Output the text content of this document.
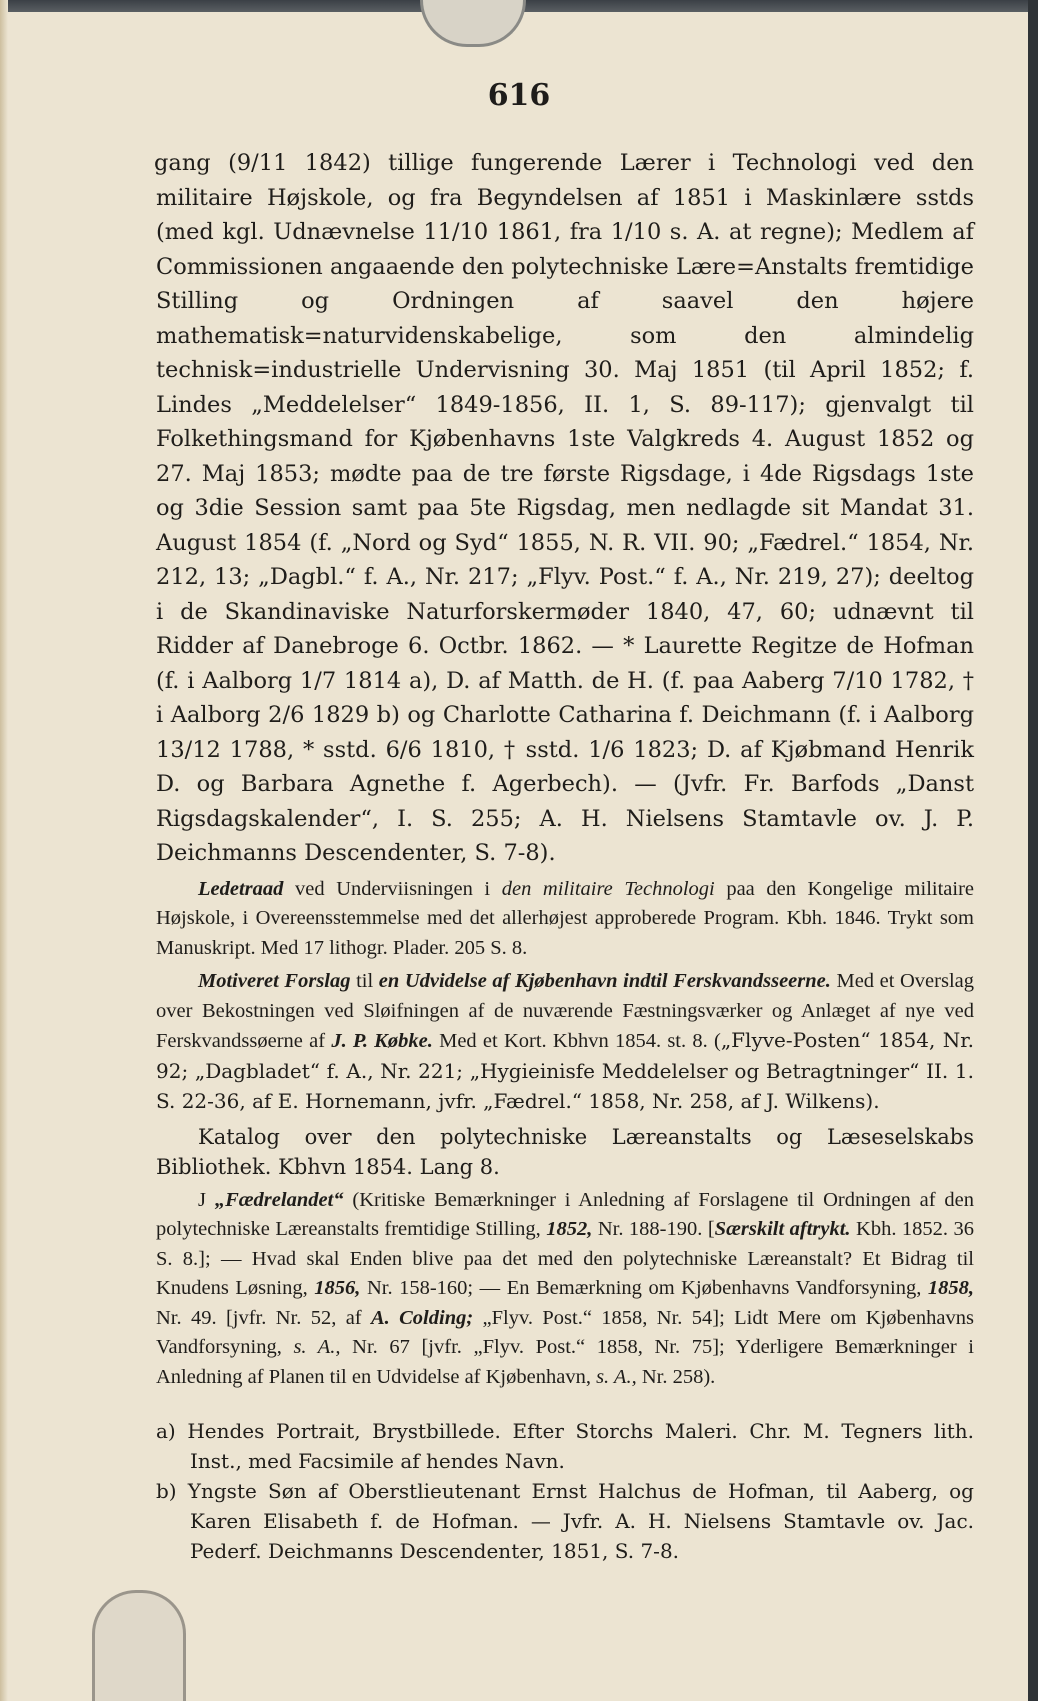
616

gang (9/11 1842) tillige fungerende Lærer i Technologi ved den militaire Højskole, og fra Begyndelsen af 1851 i Maskinlære sstds (med kgl. Udnævnelse 11/10 1861, fra 1/10 s. A. at regne); Medlem af Commissionen angaaende den polytechniske Lære=Anstalts fremtidige Stilling og Ordningen af saavel den højere mathematisk=naturvidenskabelige, som den almindelig technisk=industrielle Undervisning 30. Maj 1851 (til April 1852; f. Lindes „Meddelelser“ 1849-1856, II. 1, S. 89-117); gjenvalgt til Folkethingsmand for Kjøbenhavns 1ste Valgkreds 4. August 1852 og 27. Maj 1853; mødte paa de tre første Rigsdage, i 4de Rigsdags 1ste og 3die Session samt paa 5te Rigsdag, men nedlagde sit Mandat 31. August 1854 (f. „Nord og Syd“ 1855, N. R. VII. 90; „Fædrel.“ 1854, Nr. 212, 13; „Dagbl.“ f. A., Nr. 217; „Flyv. Post.“ f. A., Nr. 219, 27); deeltog i de Skandinaviske Naturforskermøder 1840, 47, 60; udnævnt til Ridder af Danebroge 6. Octbr. 1862. — * Laurette Regitze de Hofman (f. i Aalborg 1/7 1814 a), D. af Matth. de H. (f. paa Aaberg 7/10 1782, † i Aalborg 2/6 1829 b) og Charlotte Catharina f. Deichmann (f. i Aalborg 13/12 1788, * sstd. 6/6 1810, † sstd. 1/6 1823; D. af Kjøbmand Henrik D. og Barbara Agnethe f. Agerbech). — (Jvfr. Fr. Barfods „Danst Rigsdagskalender“, I. S. 255; A. H. Nielsens Stamtavle ov. J. P. Deichmanns Descendenter, S. 7-8).

Ledetraad ved Underviisningen i den militaire Technologi paa den Kongelige militaire Højskole, i Overeensstemmelse med det allerhøjest approberede Program. Kbh. 1846. Trykt som Manuskript. Med 17 lithogr. Plader. 205 S. 8.

Motiveret Forslag til en Udvidelse af Kjøbenhavn indtil Ferskvandsseerne. Med et Overslag over Bekostningen ved Sløifningen af de nuværende Fæstningsværker og Anlæget af nye ved Ferskvandssøerne af J. P. Købke. Med et Kort. Kbhvn 1854. st. 8. („Flyve-Posten“ 1854, Nr. 92; „Dagbladet“ f. A., Nr. 221; „Hygieinisfe Meddelelser og Betragtninger“ II. 1. S. 22-36, af E. Hornemann, jvfr. „Fædrel.“ 1858, Nr. 258, af J. Wilkens).

Katalog over den polytechniske Læreanstalts og Læseselskabs Bibliothek. Kbhvn 1854. Lang 8.

J „Fædrelandet“ (Kritiske Bemærkninger i Anledning af Forslagene til Ordningen af den polytechniske Læreanstalts fremtidige Stilling, 1852, Nr. 188-190. [Særskilt aftrykt. Kbh. 1852. 36 S. 8.]; — Hvad skal Enden blive paa det med den polytechniske Læreanstalt? Et Bidrag til Knudens Løsning, 1856, Nr. 158-160; — En Bemærkning om Kjøbenhavns Vandforsyning, 1858, Nr. 49. [jvfr. Nr. 52, af A. Colding; „Flyv. Post.“ 1858, Nr. 54]; Lidt Mere om Kjøbenhavns Vandforsyning, s. A., Nr. 67 [jvfr. „Flyv. Post.“ 1858, Nr. 75]; Yderligere Bemærkninger i Anledning af Planen til en Udvidelse af Kjøbenhavn, s. A., Nr. 258).

a) Hendes Portrait, Brystbillede. Efter Storchs Maleri. Chr. M. Tegners lith. Inst., med Facsimile af hendes Navn.

b) Yngste Søn af Oberstlieutenant Ernst Halchus de Hofman, til Aaberg, og Karen Elisabeth f. de Hofman. — Jvfr. A. H. Nielsens Stamtavle ov. Jac. Pederf. Deichmanns Descendenter, 1851, S. 7-8.
